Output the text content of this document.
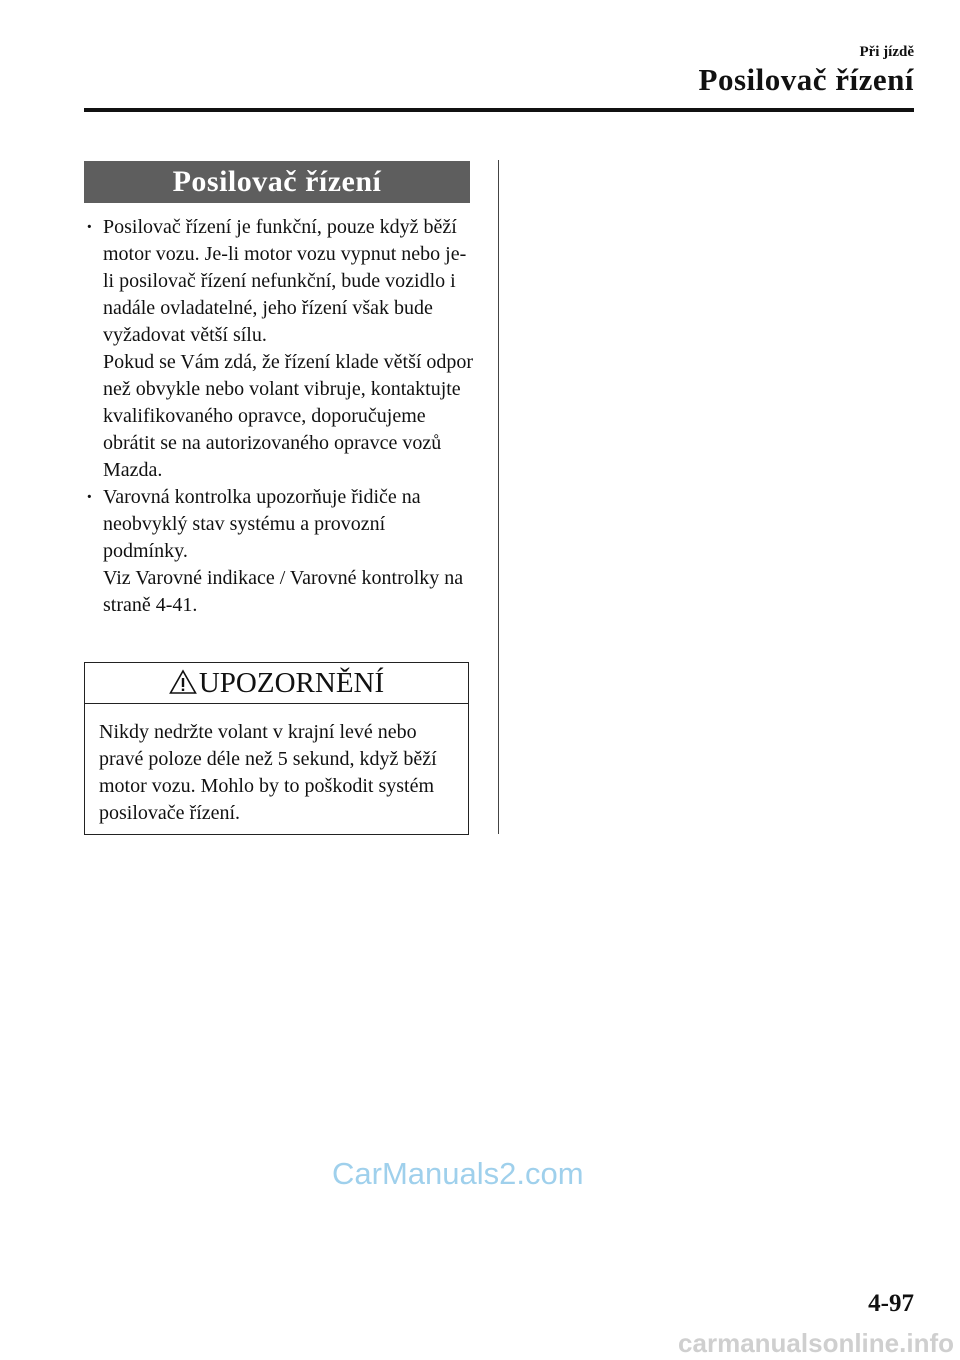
Při jízdě
Posilovač řízení
Posilovač řízení
· Posilovač řízení je funkční, pouze když běží motor vozu. Je-li motor vozu vypnut nebo je-li posilovač řízení nefunkční, bude vozidlo i nadále ovladatelné, jeho řízení však bude vyžadovat větší sílu.

Pokud se Vám zdá, že řízení klade větší odpor než obvykle nebo volant vibruje, kontaktujte kvalifikovaného opravce, doporučujeme obrátit se na autorizovaného opravce vozů Mazda.

· Varovná kontrolka upozorňuje řidiče na neobvyklý stav systému a provozní podmínky.

Viz Varovné indikace / Varovné kontrolky na straně 4-41.

UPOZORNĚNÍ
Nikdy nedržte volant v krajní levé nebo pravé poloze déle než 5 sekund, když běží motor vozu. Mohlo by to poškodit systém posilovače řízení.
CarManuals2.com
4-97
carmanualsonline.info
